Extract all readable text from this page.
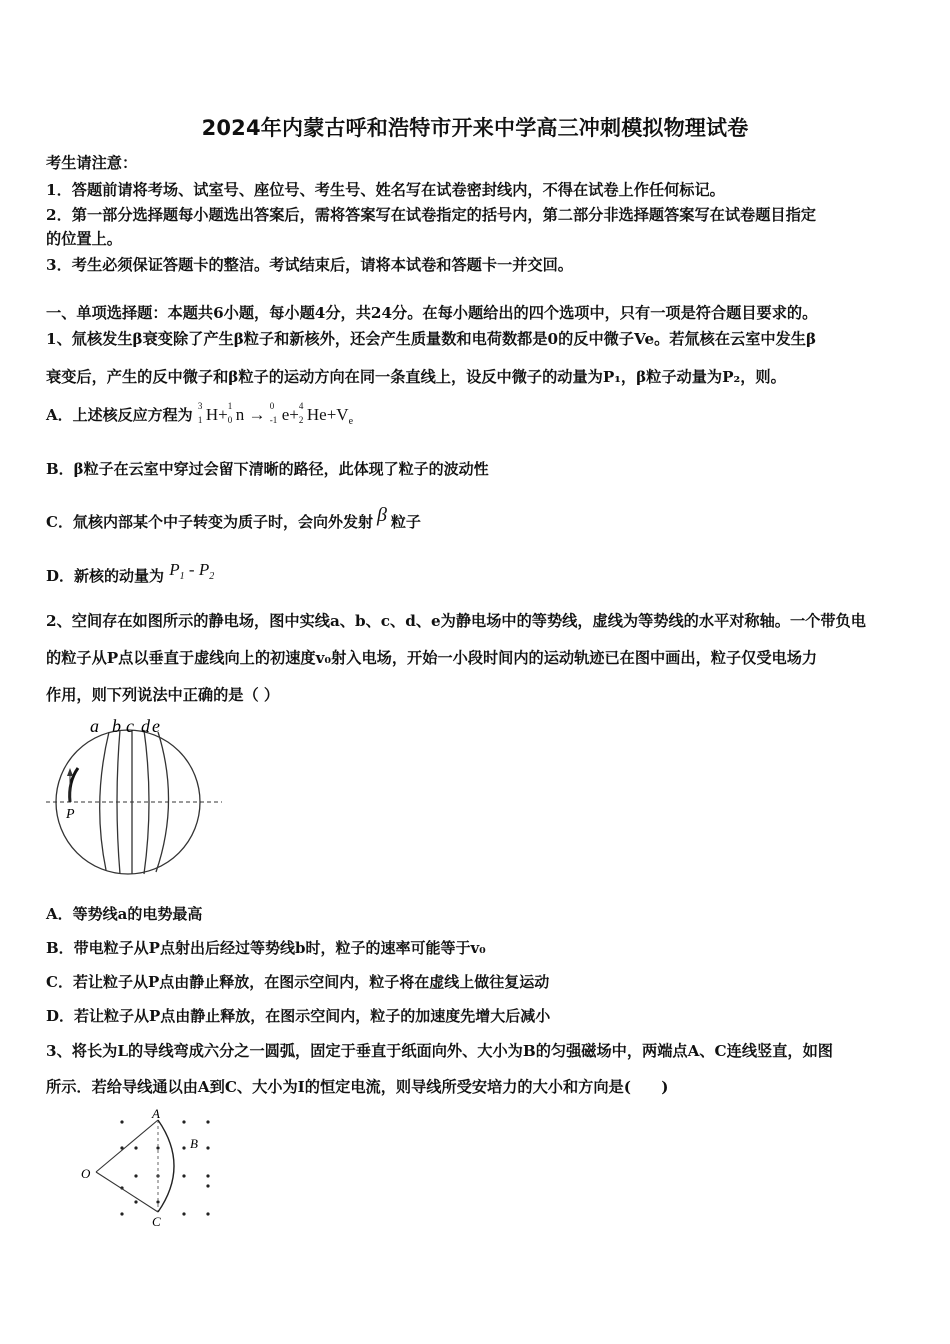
2024年内蒙古呼和浩特市开来中学高三冲刺模拟物理试卷
考生请注意：
1．答题前请将考场、试室号、座位号、考生号、姓名写在试卷密封线内，不得在试卷上作任何标记。
2．第一部分选择题每小题选出答案后，需将答案写在试卷指定的括号内，第二部分非选择题答案写在试卷题目指定
的位置上。
3．考生必须保证答题卡的整洁。考试结束后，请将本试卷和答题卡一并交回。
一、单项选择题：本题共6小题，每小题4分，共24分。在每小题给出的四个选项中，只有一项是符合题目要求的。
1、氚核发生β衰变除了产生β粒子和新核外，还会产生质量数和电荷数都是0的反中微子Ve。若氚核在云室中发生β
衰变后，产生的反中微子和β粒子的运动方向在同一条直线上，设反中微子的动量为P₁，β粒子动量为P₂，则。
A．上述核反应方程为 3
1 H+ 1
0 n → 0
-1 e+ 4
2 $He+V_e$
B．β粒子在云室中穿过会留下清晰的路径，此体现了粒子的波动性
C．氚核内部某个中子转变为质子时，会向外发射 β 粒子
D．新核的动量为 $P_1 - P_2$
2、空间存在如图所示的静电场，图中实线a、b、c、d、e为静电场中的等势线，虚线为等势线的水平对称轴。一个带负电
的粒子从P点以垂直于虚线向上的初速度v₀射入电场，开始一小段时间内的运动轨迹已在图中画出，粒子仅受电场力
作用，则下列说法中正确的是（ ）
a b c d e
P
A．等势线a的电势最高
B．带电粒子从P点射出后经过等势线b时，粒子的速率可能等于v₀
C．若让粒子从P点由静止释放，在图示空间内，粒子将在虚线上做往复运动
D．若让粒子从P点由静止释放，在图示空间内，粒子的加速度先增大后减小
3、将长为L的导线弯成六分之一圆弧，固定于垂直于纸面向外、大小为B的匀强磁场中，两端点A、C连线竖直，如图
所示．若给导线通以由A到C、大小为I的恒定电流，则导线所受安培力的大小和方向是(　　)
A
B
C
O
